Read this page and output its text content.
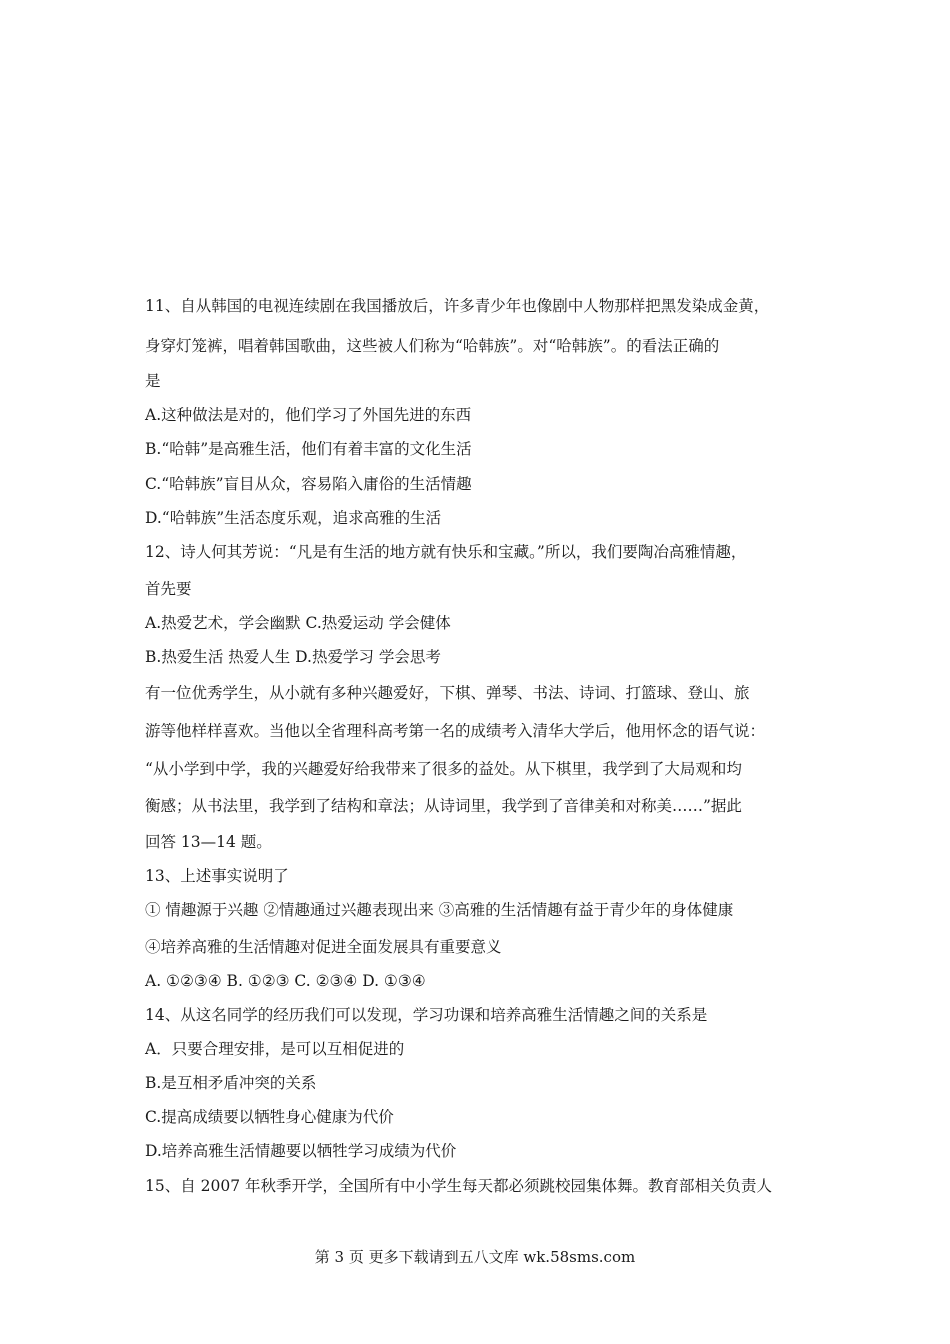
11、自从韩国的电视连续剧在我国播放后，许多青少年也像剧中人物那样把黑发染成金黄，
身穿灯笼裤，唱着韩国歌曲，这些被人们称为“哈韩族”。对“哈韩族”。的看法正确的
是
A.这种做法是对的，他们学习了外国先进的东西
B.“哈韩”是高雅生活，他们有着丰富的文化生活
C.“哈韩族”盲目从众，容易陷入庸俗的生活情趣
D.“哈韩族”生活态度乐观，追求高雅的生活
12、诗人何其芳说：“凡是有生活的地方就有快乐和宝藏。”所以，我们要陶冶高雅情趣，
首先要
A.热爱艺术，学会幽默 C.热爱运动 学会健体
B.热爱生活 热爱人生 D.热爱学习 学会思考
有一位优秀学生，从小就有多种兴趣爱好，下棋、弹琴、书法、诗词、打篮球、登山、旅
游等他样样喜欢。当他以全省理科高考第一名的成绩考入清华大学后，他用怀念的语气说：
“从小学到中学，我的兴趣爱好给我带来了很多的益处。从下棋里，我学到了大局观和均
衡感；从书法里，我学到了结构和章法；从诗词里，我学到了音律美和对称美……”据此
回答 13—14 题。
13、上述事实说明了
① 情趣源于兴趣 ②情趣通过兴趣表现出来 ③高雅的生活情趣有益于青少年的身体健康
④培养高雅的生活情趣对促进全面发展具有重要意义
A. ①②③④ B. ①②③ C. ②③④ D. ①③④
14、从这名同学的经历我们可以发现，学习功课和培养高雅生活情趣之间的关系是
A．只要合理安排，是可以互相促进的
B.是互相矛盾冲突的关系
C.提高成绩要以牺牲身心健康为代价
D.培养高雅生活情趣要以牺牲学习成绩为代价
15、自 2007 年秋季开学，全国所有中小学生每天都必须跳校园集体舞。教育部相关负责人
第 3 页 更多下载请到五八文库 wk.58sms.com
